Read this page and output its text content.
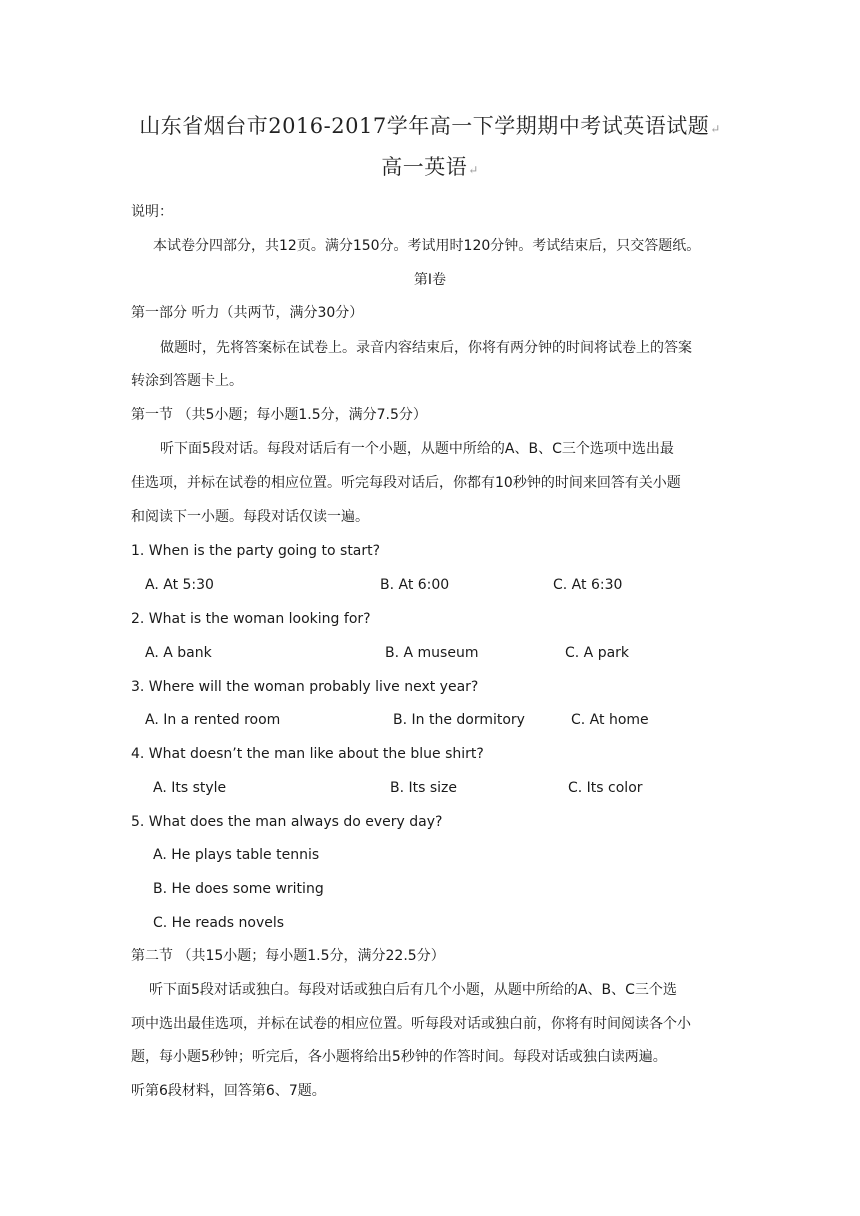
山东省烟台市2016-2017学年高一下学期期中考试英语试题↵
高一英语↵
说明：
本试卷分四部分，共12页。满分150分。考试用时120分钟。考试结束后，只交答题纸。
第Ⅰ卷
第一部分 听力（共两节，满分30分）
做题时，先将答案标在试卷上。录音内容结束后，你将有两分钟的时间将试卷上的答案
转涂到答题卡上。
第一节 （共5小题；每小题1.5分，满分7.5分）
听下面5段对话。每段对话后有一个小题，从题中所给的A、B、C三个选项中选出最
佳选项，并标在试卷的相应位置。听完每段对话后，你都有10秒钟的时间来回答有关小题
和阅读下一小题。每段对话仅读一遍。
1. When is the party going to start?
A. At 5:30	B. At 6:00	C. At 6:30
2. What is the woman looking for?
A. A bank	B. A museum	C. A park
3. Where will the woman probably live next year?
A. In a rented room	B. In the dormitory	C. At home
4. What doesn’t the man like about the blue shirt?
A. Its style	B. Its size	C. Its color
5. What does the man always do every day?
A. He plays table tennis
B. He does some writing
C. He reads novels
第二节 （共15小题；每小题1.5分，满分22.5分）
听下面5段对话或独白。每段对话或独白后有几个小题，从题中所给的A、B、C三个选
项中选出最佳选项，并标在试卷的相应位置。听每段对话或独白前，你将有时间阅读各个小
题，每小题5秒钟；听完后，各小题将给出5秒钟的作答时间。每段对话或独白读两遍。
听第6段材料，回答第6、7题。
